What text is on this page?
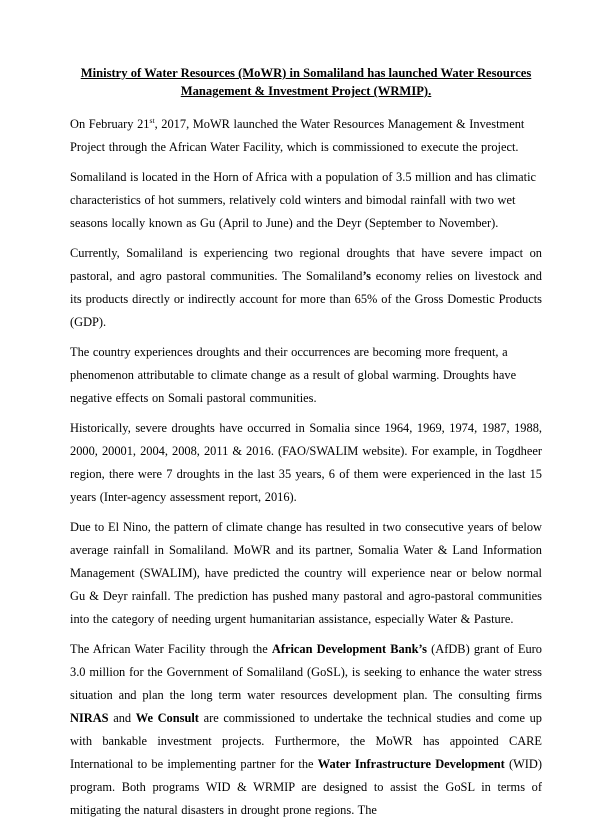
Ministry of Water Resources (MoWR) in Somaliland has launched Water Resources Management & Investment Project (WRMIP).

On February 21st, 2017, MoWR launched the Water Resources Management & Investment Project through the African Water Facility, which is commissioned to execute the project.

Somaliland is located in the Horn of Africa with a population of 3.5 million and has climatic characteristics of hot summers, relatively cold winters and bimodal rainfall with two wet seasons locally known as Gu (April to June) and the Deyr (September to November).

Currently, Somaliland is experiencing two regional droughts that have severe impact on pastoral, and agro pastoral communities. The Somaliland’s economy relies on livestock and its products directly or indirectly account for more than 65% of the Gross Domestic Products (GDP).

The country experiences droughts and their occurrences are becoming more frequent, a phenomenon attributable to climate change as a result of global warming. Droughts have negative effects on Somali pastoral communities.

Historically, severe droughts have occurred in Somalia since 1964, 1969, 1974, 1987, 1988, 2000, 20001, 2004, 2008, 2011 & 2016. (FAO/SWALIM website). For example, in Togdheer region, there were 7 droughts in the last 35 years, 6 of them were experienced in the last 15 years (Inter-agency assessment report, 2016).

Due to El Nino, the pattern of climate change has resulted in two consecutive years of below average rainfall in Somaliland. MoWR and its partner, Somalia Water & Land Information Management (SWALIM), have predicted the country will experience near or below normal Gu & Deyr rainfall. The prediction has pushed many pastoral and agro-pastoral communities into the category of needing urgent humanitarian assistance, especially Water & Pasture.

The African Water Facility through the African Development Bank’s (AfDB) grant of Euro 3.0 million for the Government of Somaliland (GoSL), is seeking to enhance the water stress situation and plan the long term water resources development plan. The consulting firms NIRAS and We Consult are commissioned to undertake the technical studies and come up with bankable investment projects. Furthermore, the MoWR has appointed CARE International to be implementing partner for the Water Infrastructure Development (WID) program. Both programs WID & WRMIP are designed to assist the GoSL in terms of mitigating the natural disasters in drought prone regions. The
